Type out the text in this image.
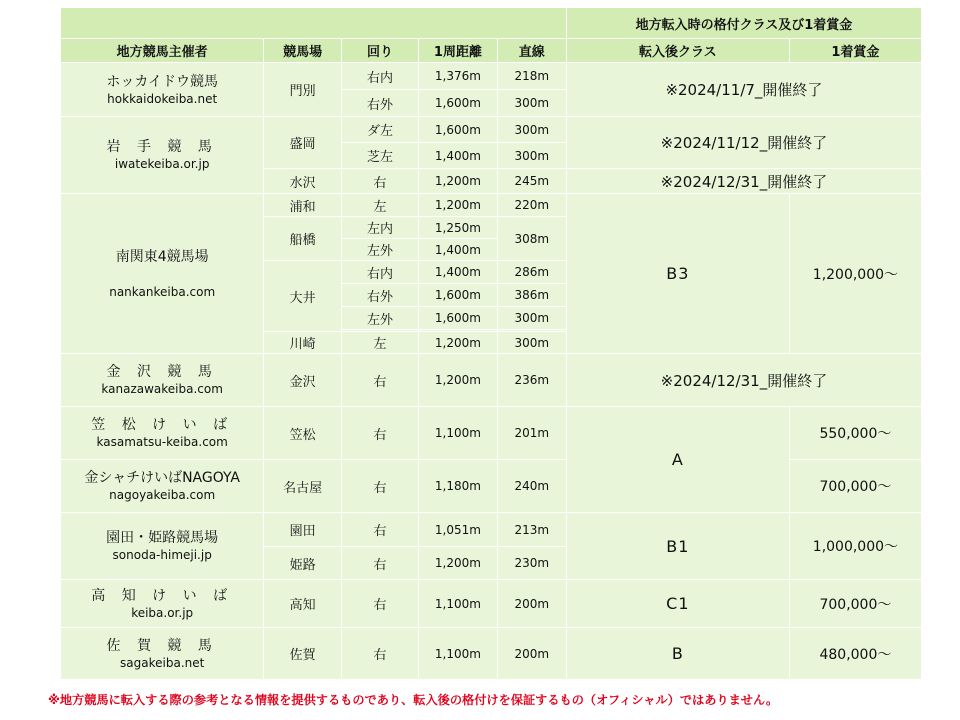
					地方転入時の格付クラス及び1着賞金	
地方競馬主催者	競馬場	回り	1周距離	直線	転入後クラス	1着賞金

ホッカイドウ競馬
hokkaidokeiba.net	門別	右内	1,376m	218m	※2024/11/7_開催終了	
		右外	1,600m	300m		

岩 手 競 馬
iwatekeiba.or.jp	盛岡	ダ左	1,600m	300m	※2024/11/12_開催終了	
		芝左	1,400m	300m		
	水沢	右	1,200m	245m	※2024/12/31_開催終了	

南関東4競馬場
nankankeiba.com	浦和	左	1,200m	220m	B3	1,200,000～
	船橋	左内	1,250m	308m		
		左外	1,400m			
	大井	右内	1,400m	286m		
		右外	1,600m	386m		
		左外	1,600m	300m		

	川崎	左	1,200m	300m		

金 沢 競 馬
kanazawakeiba.com	金沢	右	1,200m	236m	※2024/12/31_開催終了	

笠 松 け い ば
kasamatsu-keiba.com	笠松	右	1,100m	201m	A	550,000～

金シャチけいばNAGOYA
nagoyakeiba.com	名古屋	右	1,180m	240m		700,000～

園田・姫路競馬場
sonoda-himeji.jp	園田	右	1,051m	213m	B1	1,000,000～
	姫路	右	1,200m	230m		

高 知 け い ば
keiba.or.jp	高知	右	1,100m	200m	C1	700,000～

佐 賀 競 馬
sagakeiba.net	佐賀	右	1,100m	200m	B	480,000～
※地方競馬に転入する際の参考となる情報を提供するものであり、転入後の格付けを保証するもの（オフィシャル）ではありません。
